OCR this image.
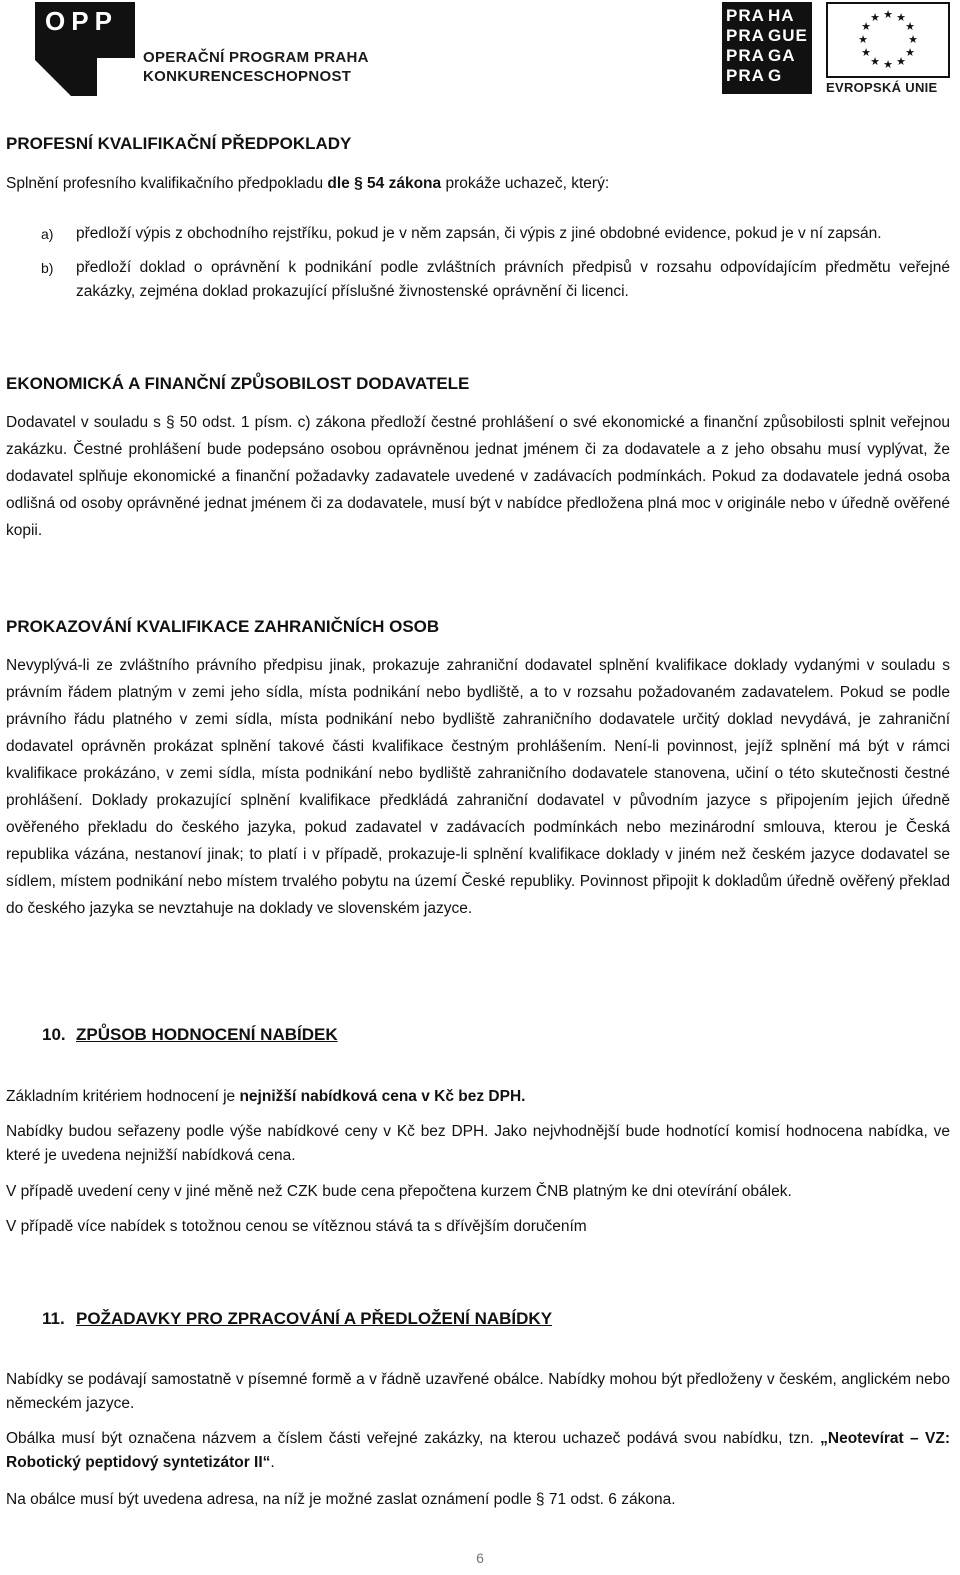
OPP
K
OPERAČNÍ PROGRAM PRAHA
KONKURENCESCHOPNOST
PRA HA
PRA GUE
PRA GA
PRA G
★ ★
★
★
★
★
★
★
★
★
★
★
EVROPSKÁ UNIE
PROFESNÍ KVALIFIKAČNÍ PŘEDPOKLADY
Splnění profesního kvalifikačního předpokladu dle § 54 zákona prokáže uchazeč, který:
a) předloží výpis z obchodního rejstříku, pokud je v něm zapsán, či výpis z jiné obdobné evidence, pokud je v ní zapsán.
b) předloží doklad o oprávnění k podnikání podle zvláštních právních předpisů v rozsahu odpovídajícím předmětu veřejné zakázky, zejména doklad prokazující příslušné živnostenské oprávnění či licenci.
EKONOMICKÁ A FINANČNÍ ZPŮSOBILOST DODAVATELE
Dodavatel v souladu s § 50 odst. 1 písm. c) zákona předloží čestné prohlášení o své ekonomické a finanční způsobilosti splnit veřejnou zakázku. Čestné prohlášení bude podepsáno osobou oprávněnou jednat jménem či za dodavatele a z jeho obsahu musí vyplývat, že dodavatel splňuje ekonomické a finanční požadavky zadavatele uvedené v zadávacích podmínkách. Pokud za dodavatele jedná osoba odlišná od osoby oprávněné jednat jménem či za dodavatele, musí být v nabídce předložena plná moc v originále nebo v úředně ověřené kopii.
PROKAZOVÁNÍ KVALIFIKACE ZAHRANIČNÍCH OSOB
Nevyplývá-li ze zvláštního právního předpisu jinak, prokazuje zahraniční dodavatel splnění kvalifikace doklady vydanými v souladu s právním řádem platným v zemi jeho sídla, místa podnikání nebo bydliště, a to v rozsahu požadovaném zadavatelem. Pokud se podle právního řádu platného v zemi sídla, místa podnikání nebo bydliště zahraničního dodavatele určitý doklad nevydává, je zahraniční dodavatel oprávněn prokázat splnění takové části kvalifikace čestným prohlášením. Není-li povinnost, jejíž splnění má být v rámci kvalifikace prokázáno, v zemi sídla, místa podnikání nebo bydliště zahraničního dodavatele stanovena, učiní o této skutečnosti čestné prohlášení. Doklady prokazující splnění kvalifikace předkládá zahraniční dodavatel v původním jazyce s připojením jejich úředně ověřeného překladu do českého jazyka, pokud zadavatel v zadávacích podmínkách nebo mezinárodní smlouva, kterou je Česká republika vázána, nestanoví jinak; to platí i v případě, prokazuje-li splnění kvalifikace doklady v jiném než českém jazyce dodavatel se sídlem, místem podnikání nebo místem trvalého pobytu na území České republiky. Povinnost připojit k dokladům úředně ověřený překlad do českého jazyka se nevztahuje na doklady ve slovenském jazyce.
10. ZPŮSOB HODNOCENÍ NABÍDEK
Základním kritériem hodnocení je nejnižší nabídková cena v Kč bez DPH.
Nabídky budou seřazeny podle výše nabídkové ceny v Kč bez DPH. Jako nejvhodnější bude hodnotící komisí hodnocena nabídka, ve které je uvedena nejnižší nabídková cena.
V případě uvedení ceny v jiné měně než CZK bude cena přepočtena kurzem ČNB platným ke dni otevírání obálek.
V případě více nabídek s totožnou cenou se vítěznou stává ta s dřívějším doručením
11. POŽADAVKY PRO ZPRACOVÁNÍ A PŘEDLOŽENÍ NABÍDKY
Nabídky se podávají samostatně v písemné formě a v řádně uzavřené obálce. Nabídky mohou být předloženy v českém, anglickém nebo německém jazyce.
Obálka musí být označena názvem a číslem části veřejné zakázky, na kterou uchazeč podává svou nabídku, tzn. „Neotevírat – VZ: Robotický peptidový syntetizátor II“.
Na obálce musí být uvedena adresa, na níž je možné zaslat oznámení podle § 71 odst. 6 zákona.
6
